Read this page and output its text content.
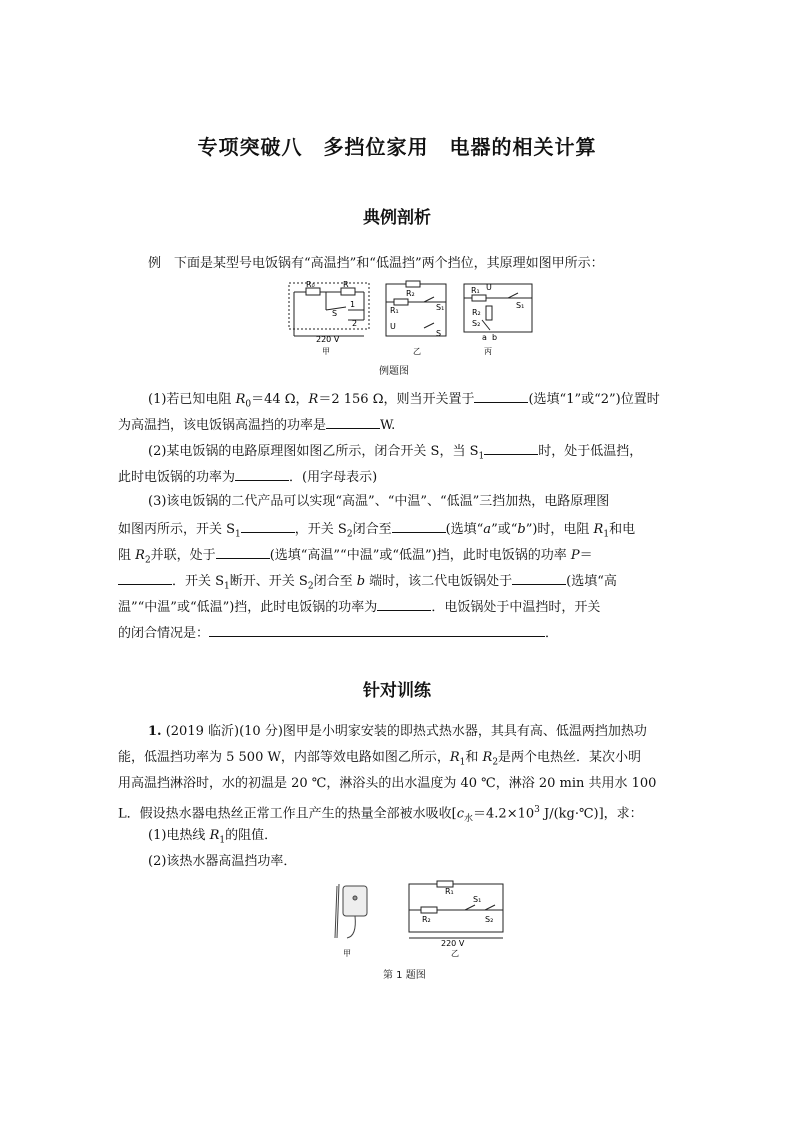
专项突破八　多挡位家用　电器的相关计算
典例剖析
例　下面是某型号电饭锅有“高温挡”和“低温挡”两个挡位，其原理如图甲所示：
R₀	R
S
1
2
220 V
甲
R₂
R₁
U
S₁
S
乙
U
R₁
R₂
S₁
S₂
a b
丙
例题图
(1)若已知电阻 $R_0=44$ Ω，R＝2 156 Ω，则当开关置于	(选填“1”或“2”)位置时
为高温挡，该电饭锅高温挡的功率是	W.
(2)某电饭锅的电路原理图如图乙所示，闭合开关 S，当 $S_1$	时，处于低温挡，
此时电饭锅的功率为	．(用字母表示)
(3)该电饭锅的二代产品可以实现“高温”、“中温”、“低温”三挡加热，电路原理图
如图丙所示，开关 $S_1$	，开关 $S_2$闭合至	(选填“a”或“b”)时，电阻 $R_1$和电
阻 $R_2$并联，处于	(选填“高温”“中温”或“低温”)挡，此时电饭锅的功率 P＝
．开关 $S_1$断开、开关 $S_2$闭合至 b 端时，该二代电饭锅处于	(选填“高
温”“中温”或“低温”)挡，此时电饭锅的功率为	．电饭锅处于中温挡时，开关
的闭合情况是：	．
针对训练
1. (2019 临沂)(10 分)图甲是小明家安装的即热式热水器，其具有高、低温两挡加热功
能，低温挡功率为 5 500 W，内部等效电路如图乙所示，$R_1$和 $R_2$是两个电热丝．某次小明
用高温挡淋浴时，水的初温是 20 ℃，淋浴头的出水温度为 40 ℃，淋浴 20 min 共用水 100
L．假设热水器电热丝正常工作且产生的热量全部被水吸收[$c_水=4.2\times 10^3$ J/(kg·℃)]，求：
(1)电热线 $R_1$的阻值．
(2)该热水器高温挡功率．
甲
R₁
R₂
S₁
S₂
220 V
乙
第 1 题图
